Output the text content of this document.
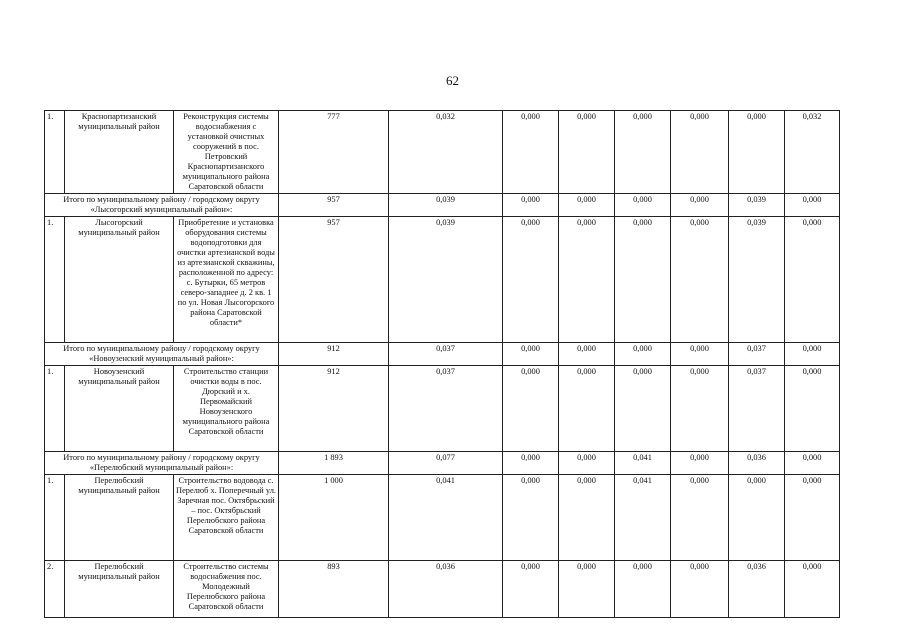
62
1.	Краснопартизанский муниципальный район	Реконструкция системы водоснабжения с установкой очистных сооружений в пос. Петровский Краснопартизанского муниципального района Саратовской области	777	0,032	0,000	0,000	0,000	0,000	0,000	0,032
Итого по муниципальному району / городскому округу «Лысогорский муниципальный район»:			957	0,039	0,000	0,000	0,000	0,000	0,039	0,000
1.	Лысогорский муниципальный район	Приобретение и установка оборудования системы водоподготовки для очистки артезианской воды из артезианской скважины, расположенной по адресу: с. Бутырки, 65 метров северо-западнее д. 2 кв. 1 по ул. Новая Лысогорского района Саратовской области*	957	0,039	0,000	0,000	0,000	0,000	0,039	0,000
Итого по муниципальному району / городскому округу «Новоузенский муниципальный район»:			912	0,037	0,000	0,000	0,000	0,000	0,037	0,000
1.	Новоузенский муниципальный район	Строительство станции очистки воды в пос. Дюрский и х. Первомайский Новоузенского муниципального района Саратовской области	912	0,037	0,000	0,000	0,000	0,000	0,037	0,000
Итого по муниципальному району / городскому округу «Перелюбский муниципальный район»:			1 893	0,077	0,000	0,000	0,041	0,000	0,036	0,000
1.	Перелюбский муниципальный район	Строительство водовода с. Перелюб х. Поперечный ул. Заречная пос. Октябрьский – пос. Октябрьский Перелюбского района Саратовской области	1 000	0,041	0,000	0,000	0,041	0,000	0,000	0,000
2.	Перелюбский муниципальный район	Строительство системы водоснабжения пос. Молодежный Перелюбского района Саратовской области	893	0,036	0,000	0,000	0,000	0,000	0,036	0,000
